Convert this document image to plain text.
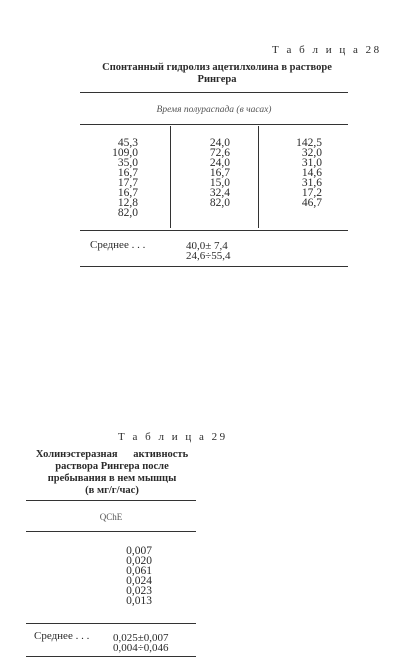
Т а б л и ц а 28
Спонтанный гидролиз ацетилхолина в растворе
Рингера
Время полураспада (в часах)
45,3
109,0
35,0
16,7
17,7
16,7
12,8
82,0
24,0
72,6
24,0
16,7
15,0
32,4
82,0
142,5
32,0
31,0
14,6
31,6
17,2
46,7
Среднее . . .	40,0± 7,4
24,6÷55,4
Т а б л и ц а 29
Холинэстеразная      активность
раствора Рингера после
пребывания в нем мышцы
(в мг/г/час)
QChE
0,007
0,020
0,061
0,024
0,023
0,013
Среднее . . . 0,025±0,007
0,004÷0,046
